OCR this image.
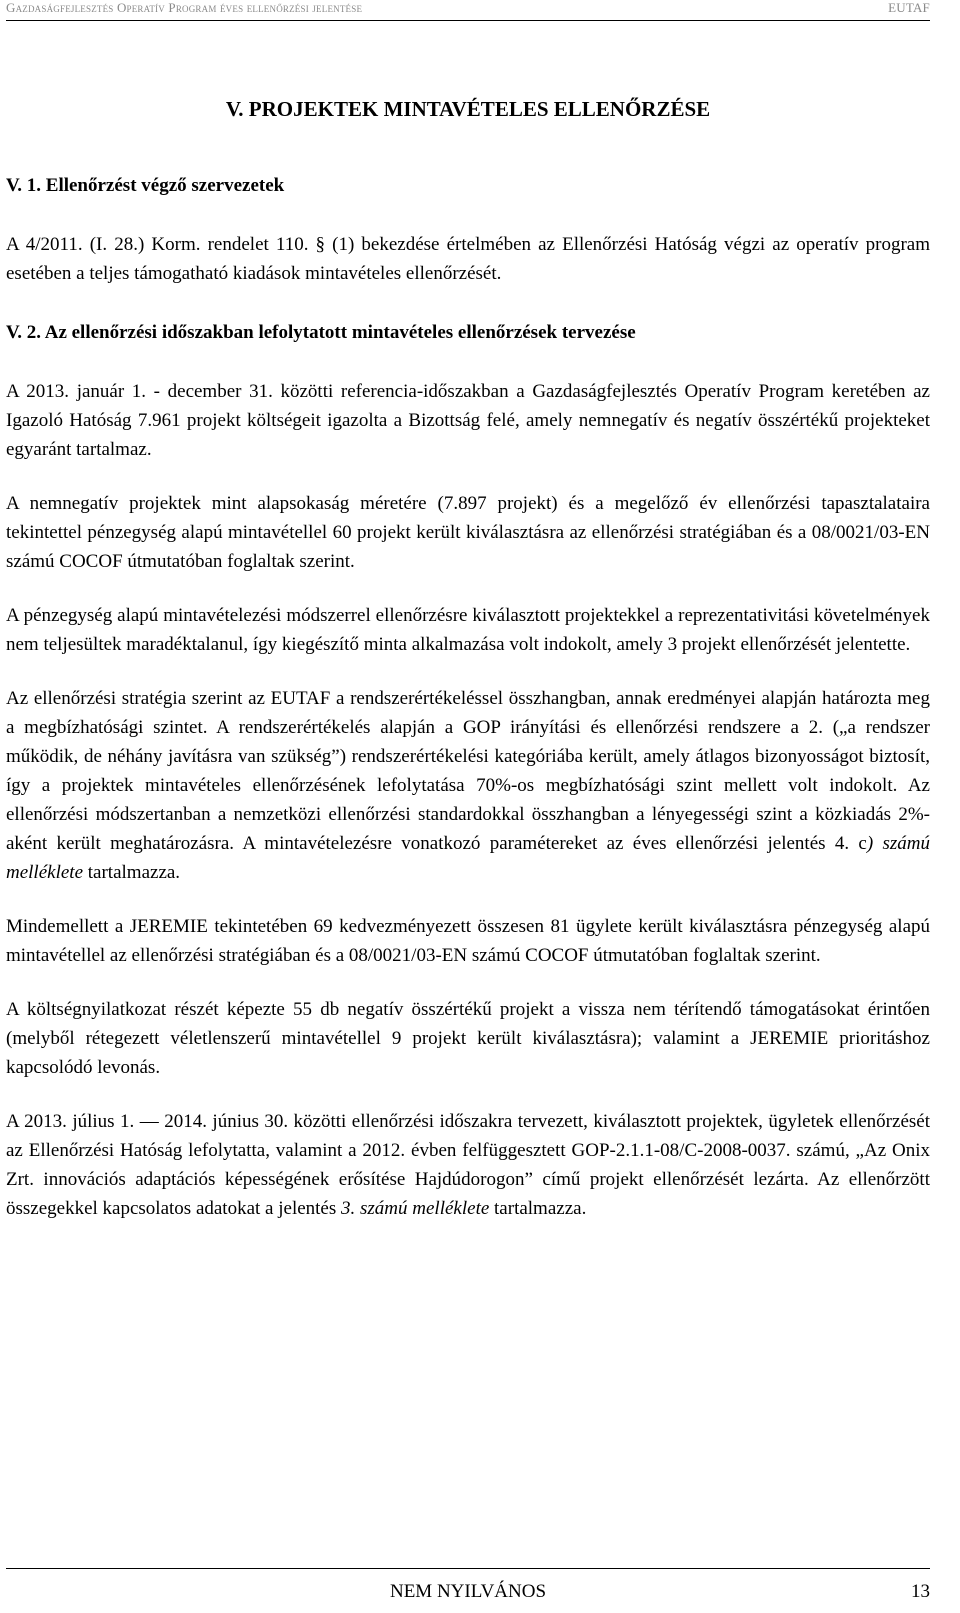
Gazdaságfejlesztés Operatív Program éves ellenőrzési jelentése	EUTAF
V. PROJEKTEK MINTAVÉTELES ELLENŐRZÉSE
V. 1. Ellenőrzést végző szervezetek

A 4/2011. (I. 28.) Korm. rendelet 110. § (1) bekezdése értelmében az Ellenőrzési Hatóság végzi az operatív program esetében a teljes támogatható kiadások mintavételes ellenőrzését.

V. 2. Az ellenőrzési időszakban lefolytatott mintavételes ellenőrzések tervezése

A 2013. január 1. - december 31. közötti referencia-időszakban a Gazdaságfejlesztés Operatív Program keretében az Igazoló Hatóság 7.961 projekt költségeit igazolta a Bizottság felé, amely nemnegatív és negatív összértékű projekteket egyaránt tartalmaz.

A nemnegatív projektek mint alapsokaság méretére (7.897 projekt) és a megelőző év ellenőrzési tapasztalataira tekintettel pénzegység alapú mintavétellel 60 projekt került kiválasztásra az ellenőrzési stratégiában és a 08/0021/03-EN számú COCOF útmutatóban foglaltak szerint.

A pénzegység alapú mintavételezési módszerrel ellenőrzésre kiválasztott projektekkel a reprezentativitási követelmények nem teljesültek maradéktalanul, így kiegészítő minta alkalmazása volt indokolt, amely 3 projekt ellenőrzését jelentette.

Az ellenőrzési stratégia szerint az EUTAF a rendszerértékeléssel összhangban, annak eredményei alapján határozta meg a megbízhatósági szintet. A rendszerértékelés alapján a GOP irányítási és ellenőrzési rendszere a 2. („a rendszer működik, de néhány javításra van szükség”) rendszerértékelési kategóriába került, amely átlagos bizonyosságot biztosít, így a projektek mintavételes ellenőrzésének lefolytatása 70%-os megbízhatósági szint mellett volt indokolt. Az ellenőrzési módszertanban a nemzetközi ellenőrzési standardokkal összhangban a lényegességi szint a közkiadás 2%-aként került meghatározásra. A mintavételezésre vonatkozó paramétereket az éves ellenőrzési jelentés 4. c) számú melléklete tartalmazza.

Mindemellett a JEREMIE tekintetében 69 kedvezményezett összesen 81 ügylete került kiválasztásra pénzegység alapú mintavétellel az ellenőrzési stratégiában és a 08/0021/03-EN számú COCOF útmutatóban foglaltak szerint.

A költségnyilatkozat részét képezte 55 db negatív összértékű projekt a vissza nem térítendő támogatásokat érintően (melyből rétegezett véletlenszerű mintavétellel 9 projekt került kiválasztásra); valamint a JEREMIE prioritáshoz kapcsolódó levonás.

A 2013. július 1. — 2014. június 30. közötti ellenőrzési időszakra tervezett, kiválasztott projektek, ügyletek ellenőrzését az Ellenőrzési Hatóság lefolytatta, valamint a 2012. évben felfüggesztett GOP-2.1.1-08/C-2008-0037. számú, „Az Onix Zrt. innovációs adaptációs képességének erősítése Hajdúdorogon” című projekt ellenőrzését lezárta. Az ellenőrzött összegekkel kapcsolatos adatokat a jelentés 3. számú melléklete tartalmazza.

NEM NYILVÁNOS	13
